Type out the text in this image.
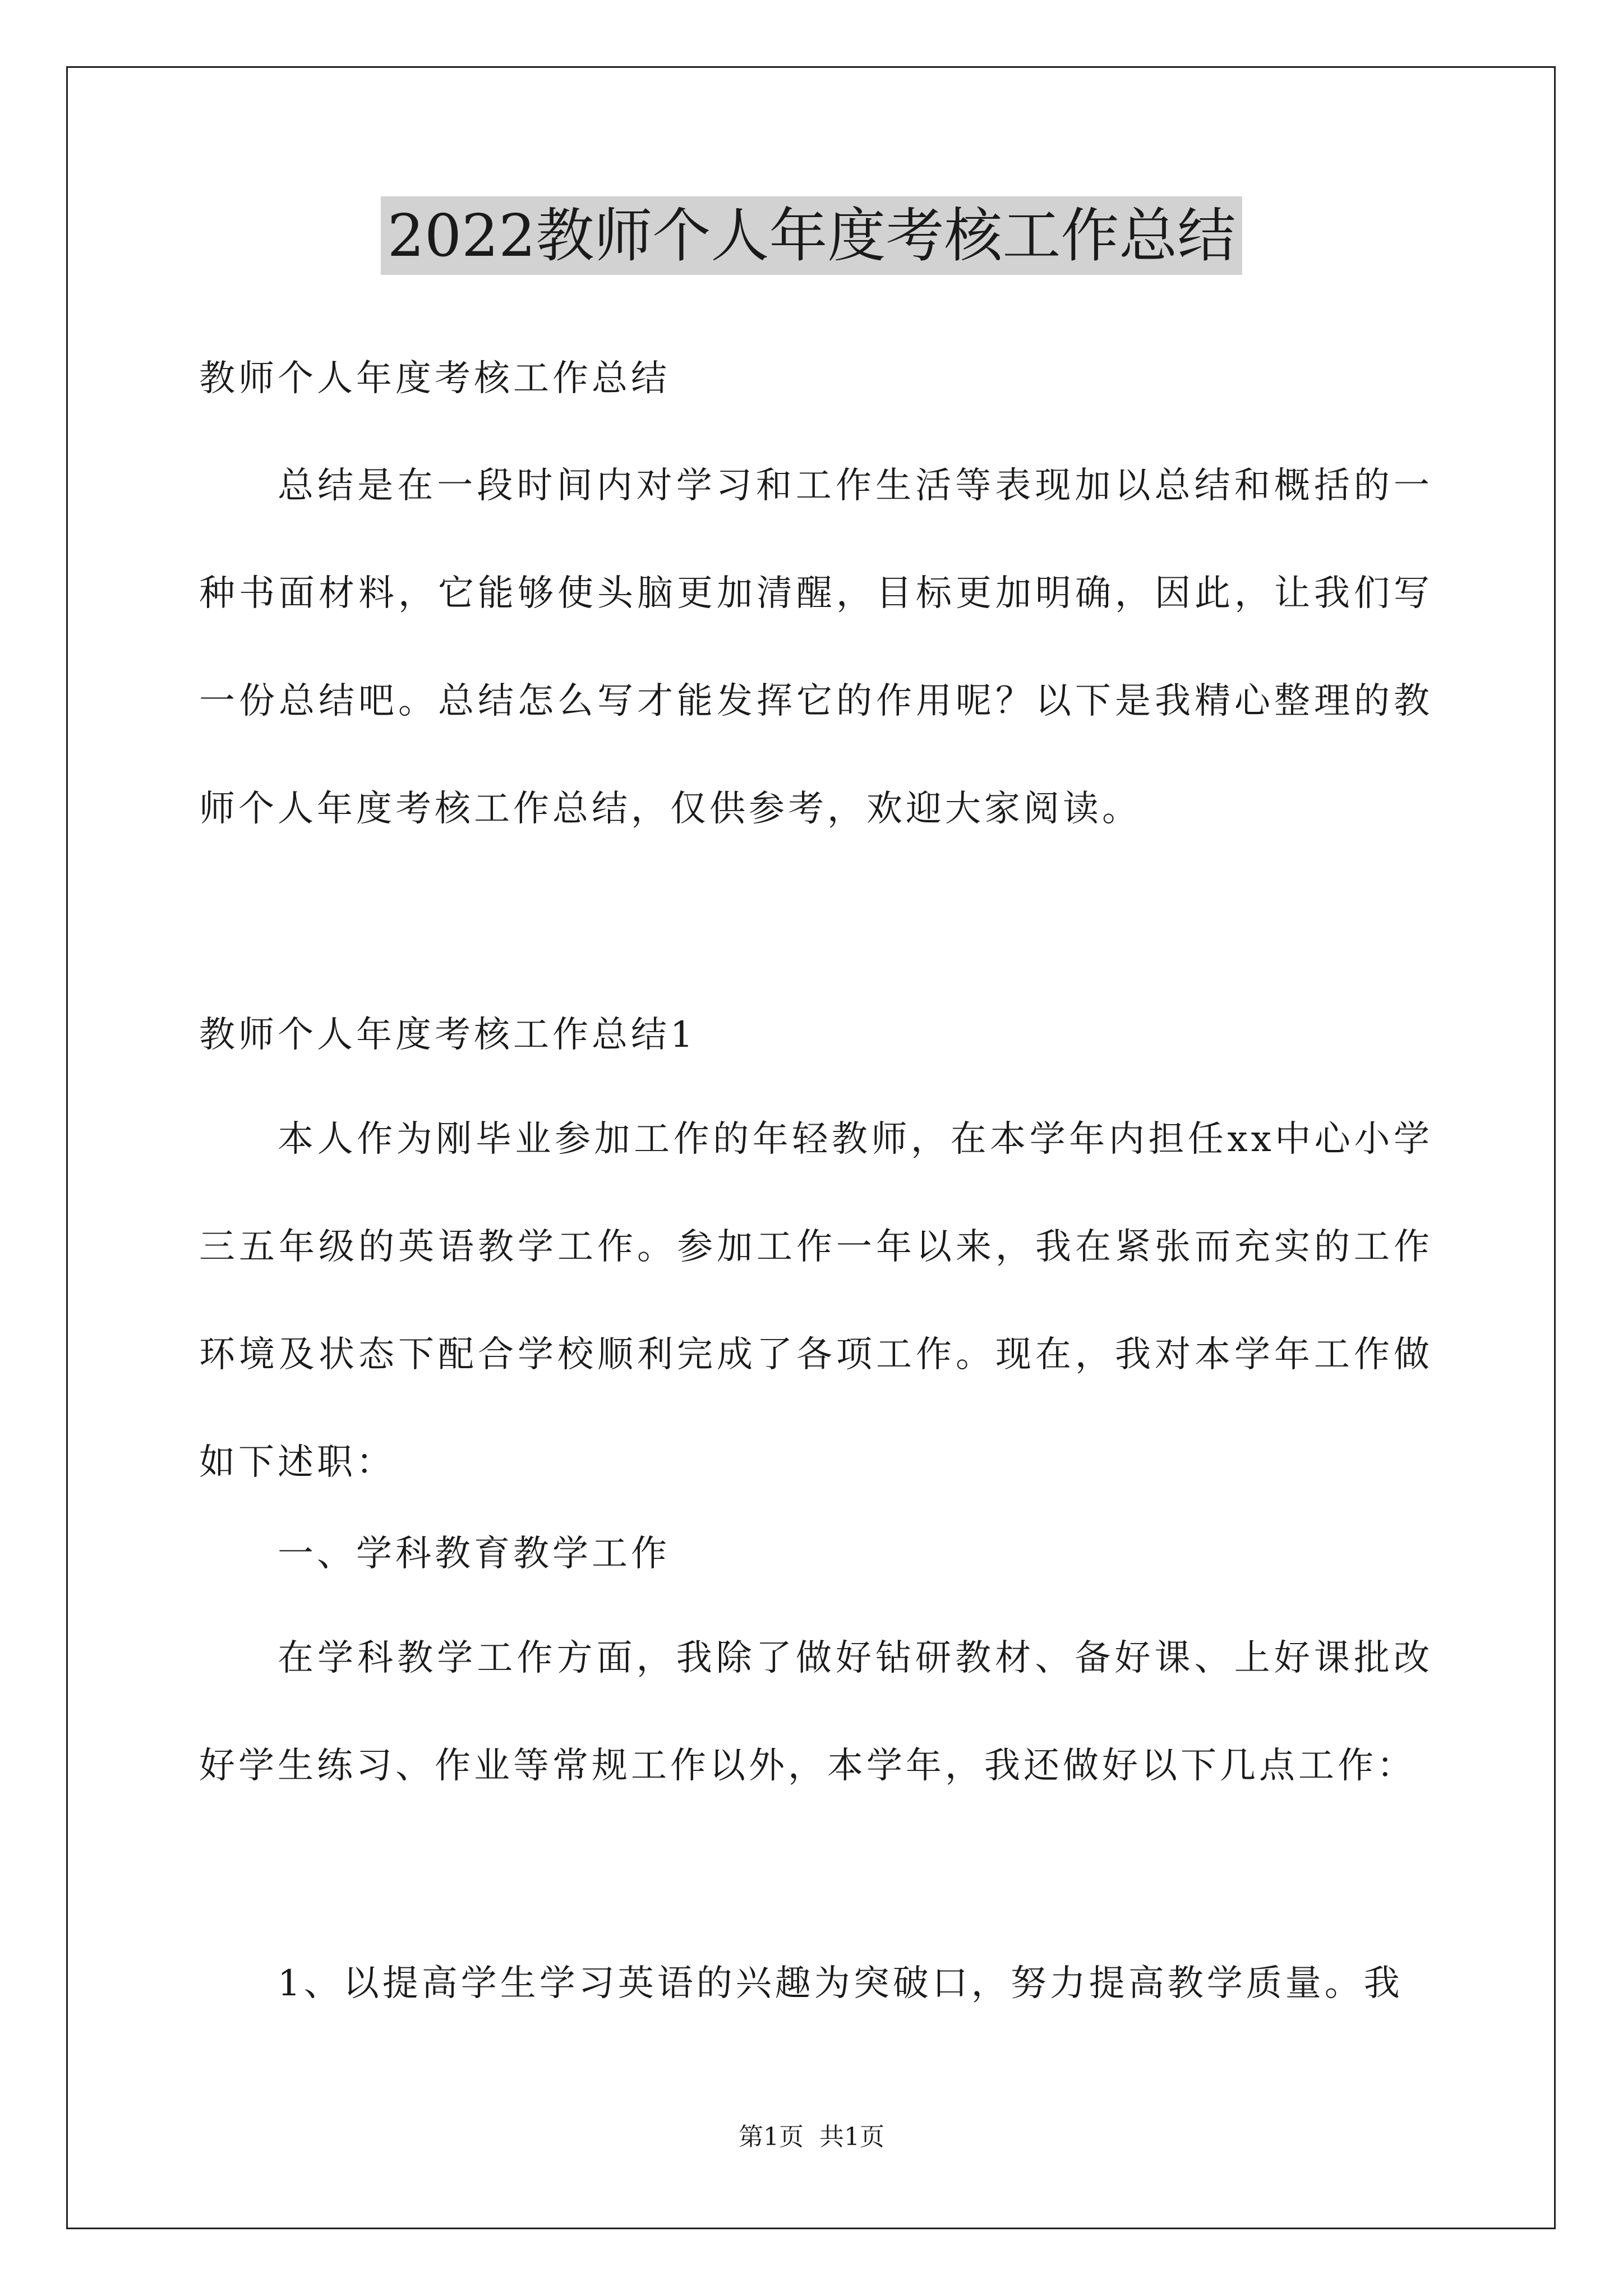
2022教师个人年度考核工作总结
教师个人年度考核工作总结
总结是在一段时间内对学习和工作生活等表现加以总结和概括的一种书面材料，它能够使头脑更加清醒，目标更加明确，因此，让我们写一份总结吧。总结怎么写才能发挥它的作用呢？以下是我精心整理的教师个人年度考核工作总结，仅供参考，欢迎大家阅读。
教师个人年度考核工作总结1
本人作为刚毕业参加工作的年轻教师，在本学年内担任xx中心小学三五年级的英语教学工作。参加工作一年以来，我在紧张而充实的工作环境及状态下配合学校顺利完成了各项工作。现在，我对本学年工作做如下述职：
一、学科教育教学工作
在学科教学工作方面，我除了做好钻研教材、备好课、上好课批改好学生练习、作业等常规工作以外，本学年，我还做好以下几点工作：
1、以提高学生学习英语的兴趣为突破口，努力提高教学质量。我
第1页  共1页
